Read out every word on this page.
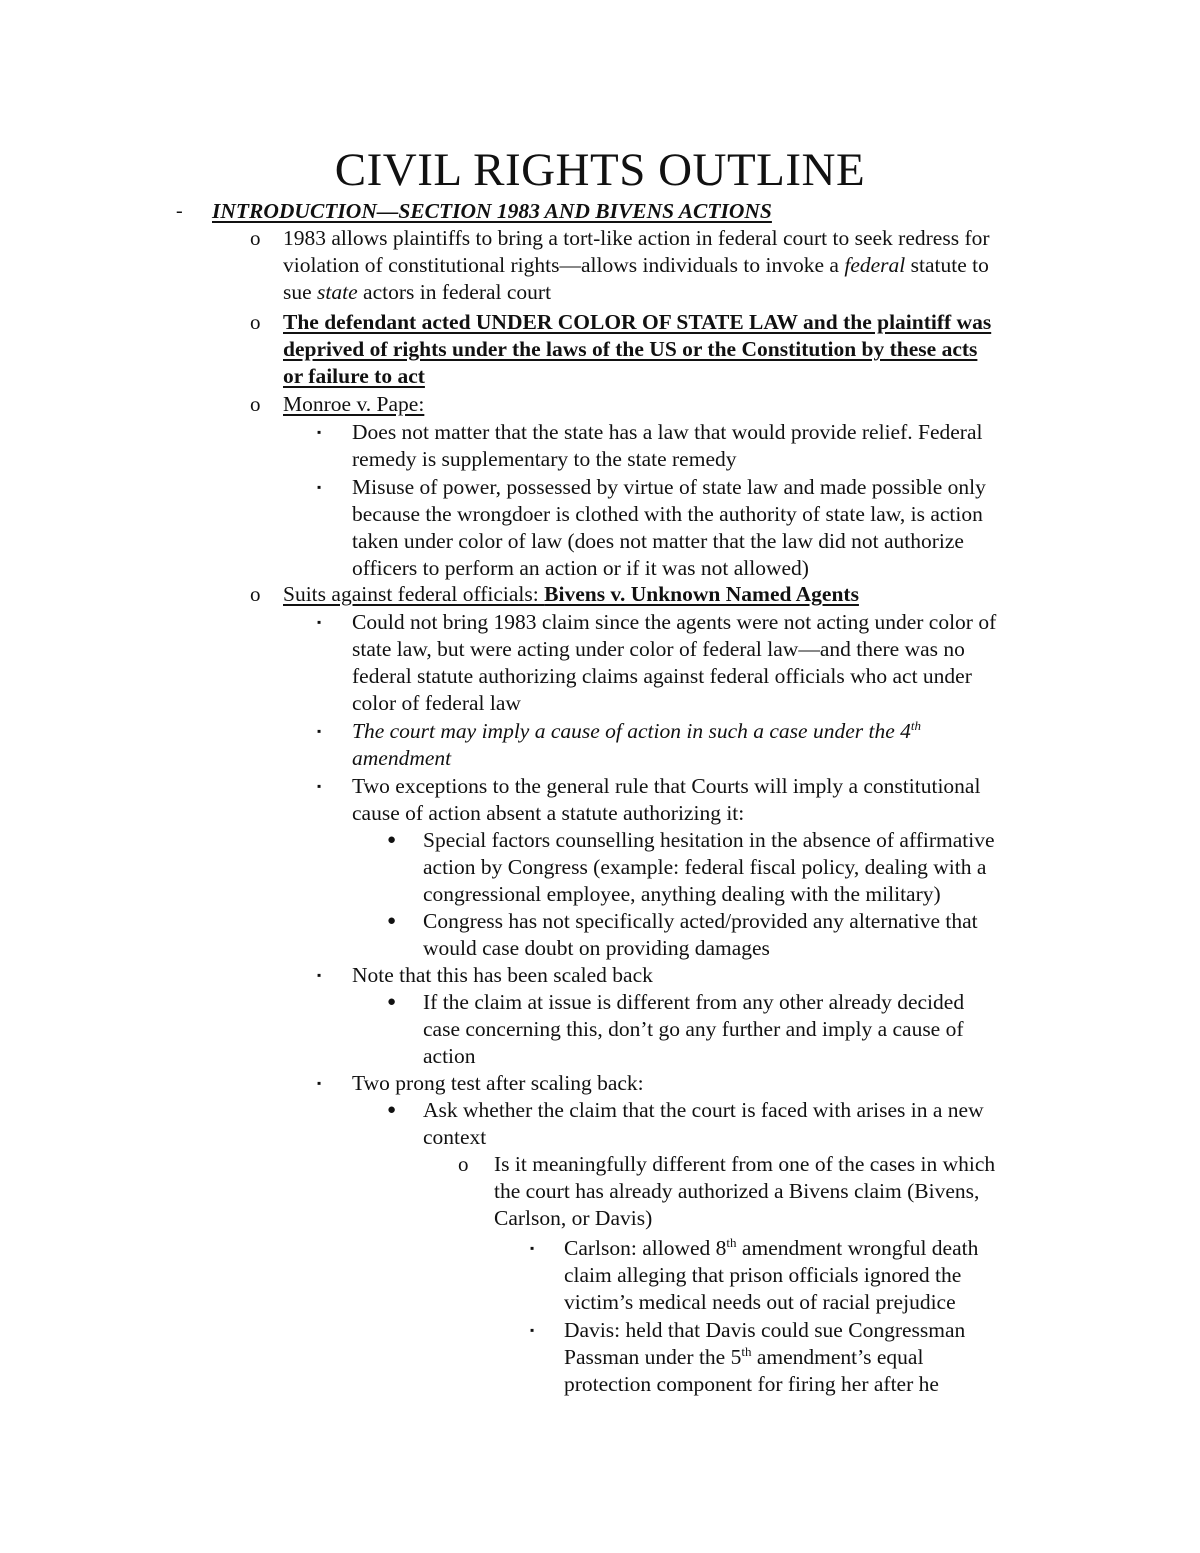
CIVIL RIGHTS OUTLINE
- INTRODUCTION—SECTION 1983 AND BIVENS ACTIONS
o 1983 allows plaintiffs to bring a tort-like action in federal court to seek redress for
violation of constitutional rights—allows individuals to invoke a federal statute to
sue state actors in federal court
o The defendant acted UNDER COLOR OF STATE LAW and the plaintiff was
deprived of rights under the laws of the US or the Constitution by these acts
or failure to act
o Monroe v. Pape:
▪ Does not matter that the state has a law that would provide relief. Federal
remedy is supplementary to the state remedy
▪ Misuse of power, possessed by virtue of state law and made possible only
because the wrongdoer is clothed with the authority of state law, is action
taken under color of law (does not matter that the law did not authorize
officers to perform an action or if it was not allowed)
o Suits against federal officials: Bivens v. Unknown Named Agents
▪ Could not bring 1983 claim since the agents were not acting under color of
state law, but were acting under color of federal law—and there was no
federal statute authorizing claims against federal officials who act under
color of federal law
▪ The court may imply a cause of action in such a case under the 4th
amendment
▪ Two exceptions to the general rule that Courts will imply a constitutional
cause of action absent a statute authorizing it:
● Special factors counselling hesitation in the absence of affirmative
action by Congress (example: federal fiscal policy, dealing with a
congressional employee, anything dealing with the military)
● Congress has not specifically acted/provided any alternative that
would case doubt on providing damages
▪ Note that this has been scaled back
● If the claim at issue is different from any other already decided
case concerning this, don’t go any further and imply a cause of
action
▪ Two prong test after scaling back:
● Ask whether the claim that the court is faced with arises in a new
context
o Is it meaningfully different from one of the cases in which
the court has already authorized a Bivens claim (Bivens,
Carlson, or Davis)
▪ Carlson: allowed 8th amendment wrongful death
claim alleging that prison officials ignored the
victim’s medical needs out of racial prejudice
▪ Davis: held that Davis could sue Congressman
Passman under the 5th amendment’s equal
protection component for firing her after he
